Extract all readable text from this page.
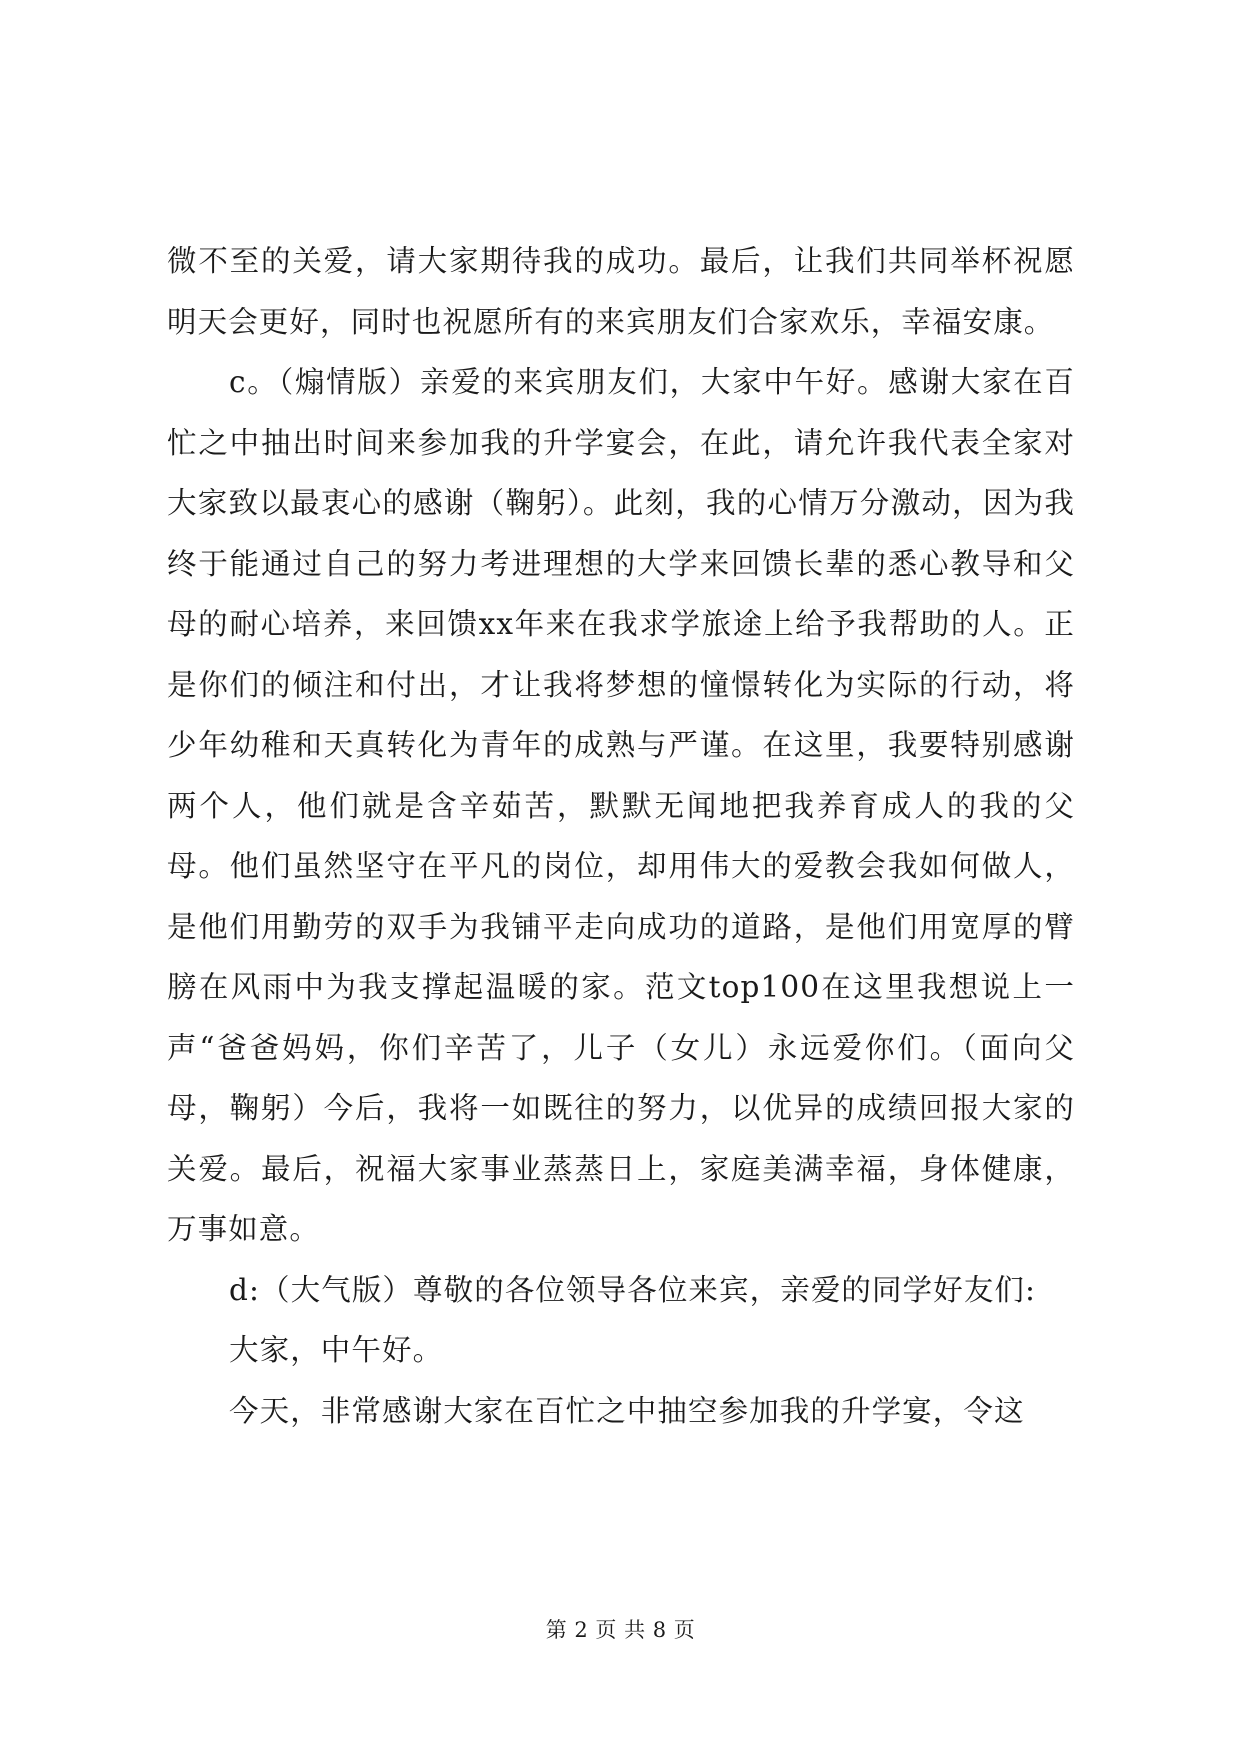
微不至的关爱，请大家期待我的成功。最后，让我们共同举杯祝愿明天会更好，同时也祝愿所有的来宾朋友们合家欢乐，幸福安康。

c。（煽情版）亲爱的来宾朋友们，大家中午好。感谢大家在百忙之中抽出时间来参加我的升学宴会，在此，请允许我代表全家对大家致以最衷心的感谢（鞠躬）。此刻，我的心情万分激动，因为我终于能通过自己的努力考进理想的大学来回馈长辈的悉心教导和父母的耐心培养，来回馈xx年来在我求学旅途上给予我帮助的人。正是你们的倾注和付出，才让我将梦想的憧憬转化为实际的行动，将少年幼稚和天真转化为青年的成熟与严谨。在这里，我要特别感谢两个人，他们就是含辛茹苦，默默无闻地把我养育成人的我的父母。他们虽然坚守在平凡的岗位，却用伟大的爱教会我如何做人，是他们用勤劳的双手为我铺平走向成功的道路，是他们用宽厚的臂膀在风雨中为我支撑起温暖的家。范文top100在这里我想说上一声“爸爸妈妈，你们辛苦了，儿子（女儿）永远爱你们。（面向父母，鞠躬）今后，我将一如既往的努力，以优异的成绩回报大家的关爱。最后，祝福大家事业蒸蒸日上，家庭美满幸福，身体健康，万事如意。

d:（大气版）尊敬的各位领导各位来宾，亲爱的同学好友们:

大家，中午好。

今天，非常感谢大家在百忙之中抽空参加我的升学宴，令这

第 2 页 共 8 页
